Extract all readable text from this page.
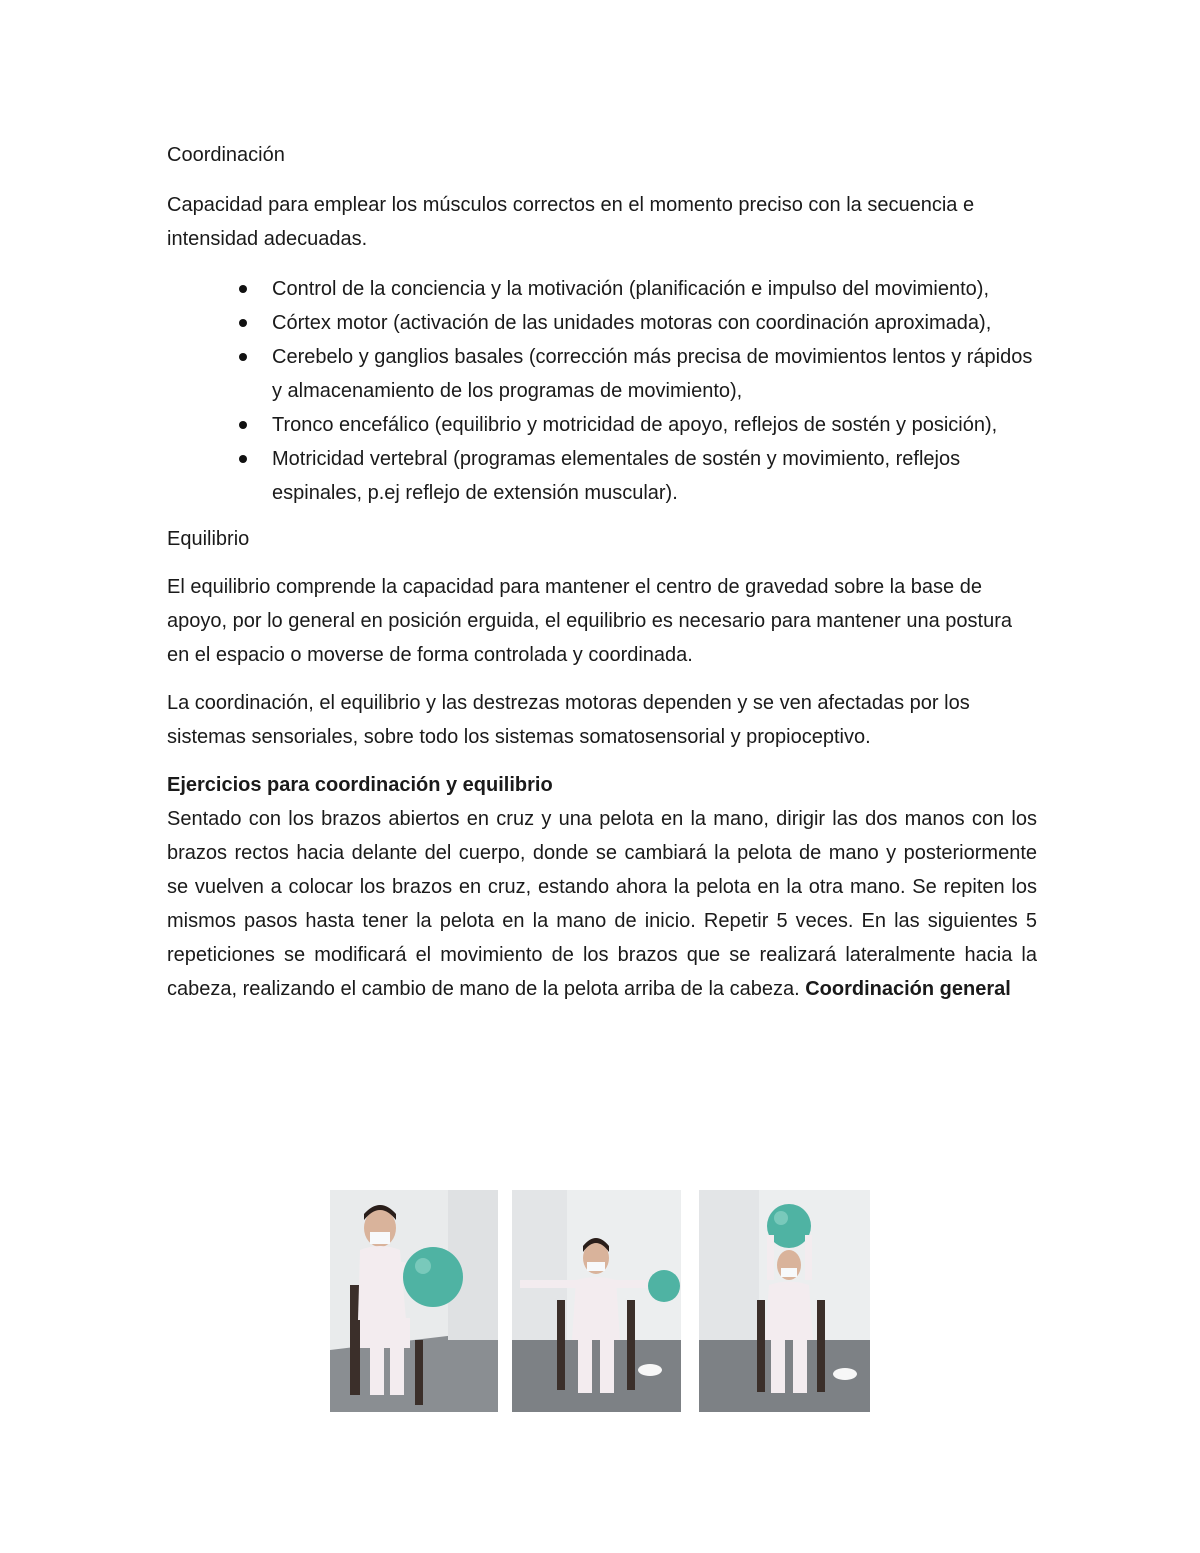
Coordinación

Capacidad para emplear los músculos correctos en el momento preciso con la secuencia e intensidad adecuadas.

Control de la conciencia y la motivación (planificación e impulso del movimiento),
Córtex motor (activación de las unidades motoras con coordinación aproximada),
Cerebelo y ganglios basales (corrección más precisa de movimientos lentos y rápidos y almacenamiento de los programas de movimiento),
Tronco encefálico (equilibrio y motricidad de apoyo, reflejos de sostén y posición),
Motricidad vertebral (programas elementales de sostén y movimiento, reflejos espinales, p.ej reflejo de extensión muscular).

Equilibrio

El equilibrio comprende la capacidad para mantener el centro de gravedad sobre la base de apoyo, por lo general en posición erguida, el equilibrio es necesario para mantener una postura en el espacio o moverse de forma controlada y coordinada.

La coordinación, el equilibrio y las destrezas motoras dependen y se ven afectadas por los sistemas sensoriales, sobre todo los sistemas somatosensorial y propioceptivo.

Ejercicios para coordinación y equilibrio

Sentado con los brazos abiertos en cruz y una pelota en la mano, dirigir las dos manos con los brazos rectos hacia delante del cuerpo, donde se cambiará la pelota de mano y posteriormente se vuelven a colocar los brazos en cruz, estando ahora la pelota en la otra mano. Se repiten los mismos pasos hasta tener la pelota en la mano de inicio. Repetir 5 veces. En las siguientes 5 repeticiones se modificará el movimiento de los brazos que se realizará lateralmente hacia la cabeza, realizando el cambio de mano de la pelota arriba de la cabeza. Coordinación general
